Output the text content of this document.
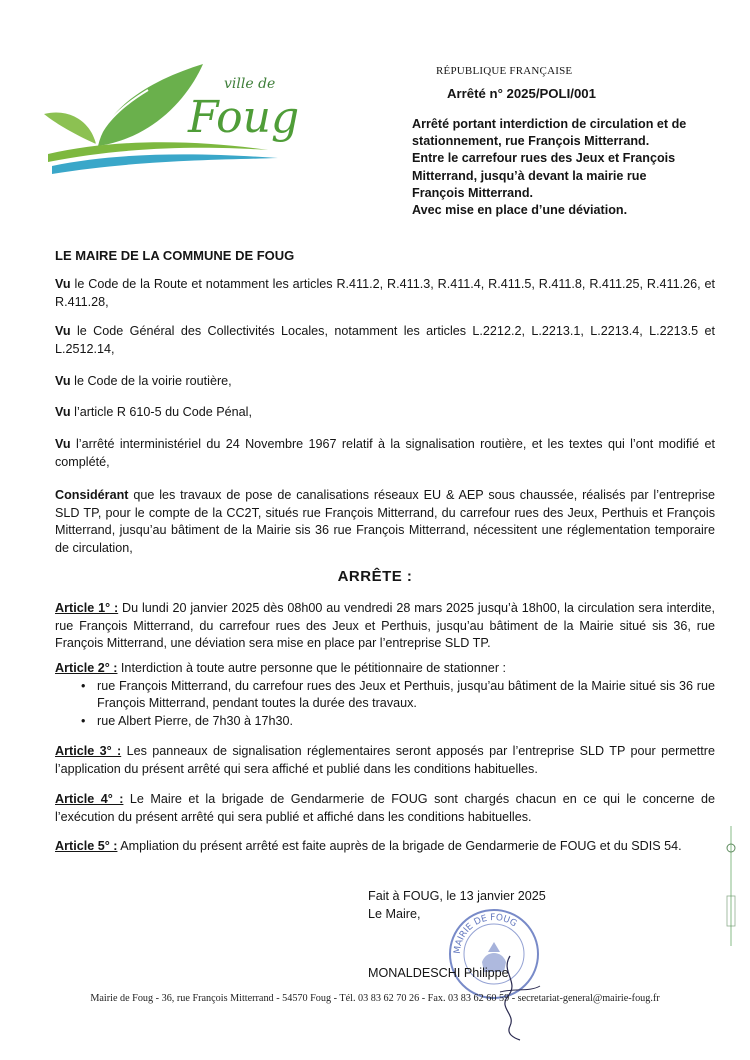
ville de
Foug
RÉPUBLIQUE FRANÇAISE
Arrêté n° 2025/POLI/001
Arrêté portant interdiction de circulation et de
stationnement, rue François Mitterrand.
Entre le carrefour rues des Jeux et François
Mitterrand, jusqu’à devant la mairie rue
François Mitterrand.
Avec mise en place d’une déviation.
LE MAIRE DE LA COMMUNE DE FOUG
Vu le Code de la Route et notamment les articles R.411.2, R.411.3, R.411.4, R.411.5, R.411.8, R.411.25, R.411.26, et R.411.28,
Vu le Code Général des Collectivités Locales, notamment les articles L.2212.2, L.2213.1, L.2213.4, L.2213.5 et L.2512.14,
Vu le Code de la voirie routière,
Vu l’article R 610-5 du Code Pénal,
Vu l’arrêté interministériel du 24 Novembre 1967 relatif à la signalisation routière, et les textes qui l’ont modifié et complété,
Considérant que les travaux de pose de canalisations réseaux EU & AEP sous chaussée, réalisés par l’entreprise SLD TP, pour le compte de la CC2T, situés rue François Mitterrand, du carrefour rues des Jeux, Perthuis et François Mitterrand, jusqu’au bâtiment de la Mairie sis 36 rue François Mitterrand, nécessitent une réglementation temporaire de circulation,
ARRÊTE :
Article 1° : Du lundi 20 janvier 2025 dès 08h00 au vendredi 28 mars 2025 jusqu’à 18h00, la circulation sera interdite, rue François Mitterrand, du carrefour rues des Jeux et Perthuis, jusqu’au bâtiment de la Mairie situé sis 36, rue François Mitterrand, une déviation sera mise en place par l’entreprise SLD TP.
Article 2° : Interdiction à toute autre personne que le pétitionnaire de stationner :
• rue François Mitterrand, du carrefour rues des Jeux et Perthuis, jusqu’au bâtiment de la Mairie situé sis 36 rue François Mitterrand, pendant toutes la durée des travaux.
• rue Albert Pierre, de 7h30 à 17h30.
Article 3° : Les panneaux de signalisation réglementaires seront apposés par l’entreprise SLD TP pour permettre l’application du présent arrêté qui sera affiché et publié dans les conditions habituelles.
Article 4° : Le Maire et la brigade de Gendarmerie de FOUG sont chargés chacun en ce qui le concerne de l’exécution du présent arrêté qui sera publié et affiché dans les conditions habituelles.
Article 5° : Ampliation du présent arrêté est faite auprès de la brigade de Gendarmerie de FOUG et du SDIS 54.
Fait à FOUG, le 13 janvier 2025
Le Maire,
MAIRIE DE FOUG
MONALDESCHI Philippe
Mairie de Foug - 36, rue François Mitterrand - 54570 Foug - Tél. 03 83 62 70 26 - Fax. 03 83 62 60 59 - secretariat-general@mairie-foug.fr
